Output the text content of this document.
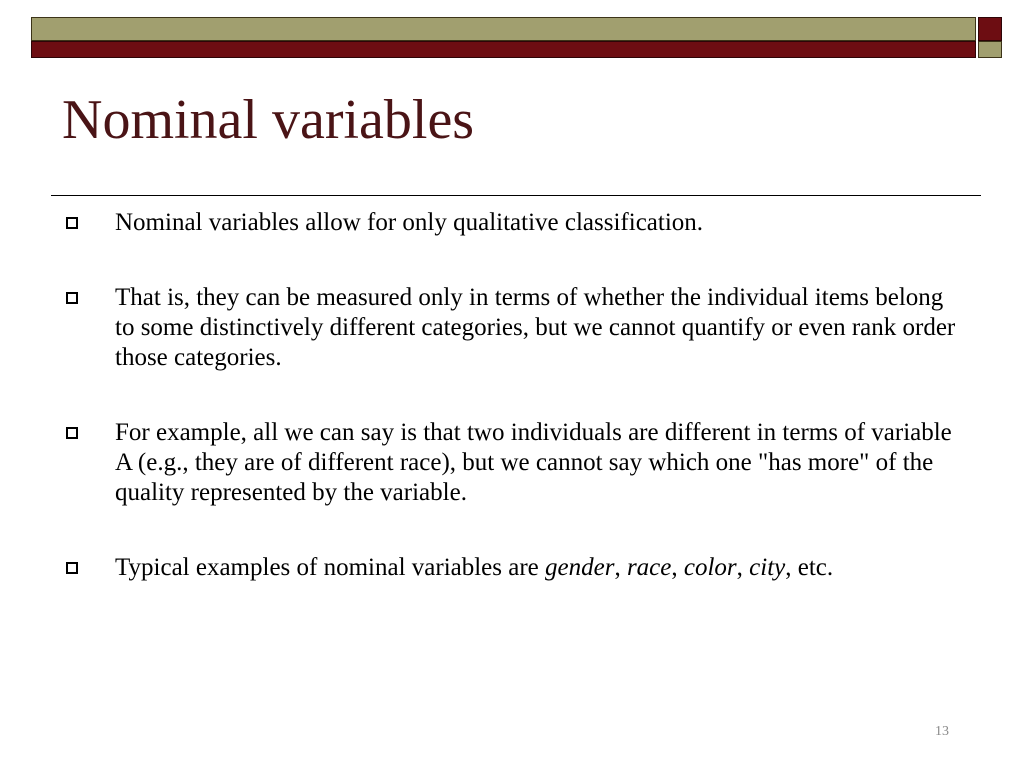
Nominal variables
Nominal variables allow for only qualitative classification.
That is, they can be measured only in terms of whether the individual items belong to some distinctively different categories, but we cannot quantify or even rank order those categories.
For example, all we can say is that two individuals are different in terms of variable A (e.g., they are of different race), but we cannot say which one "has more" of the quality represented by the variable.
Typical examples of nominal variables are gender, race, color, city, etc.
13
